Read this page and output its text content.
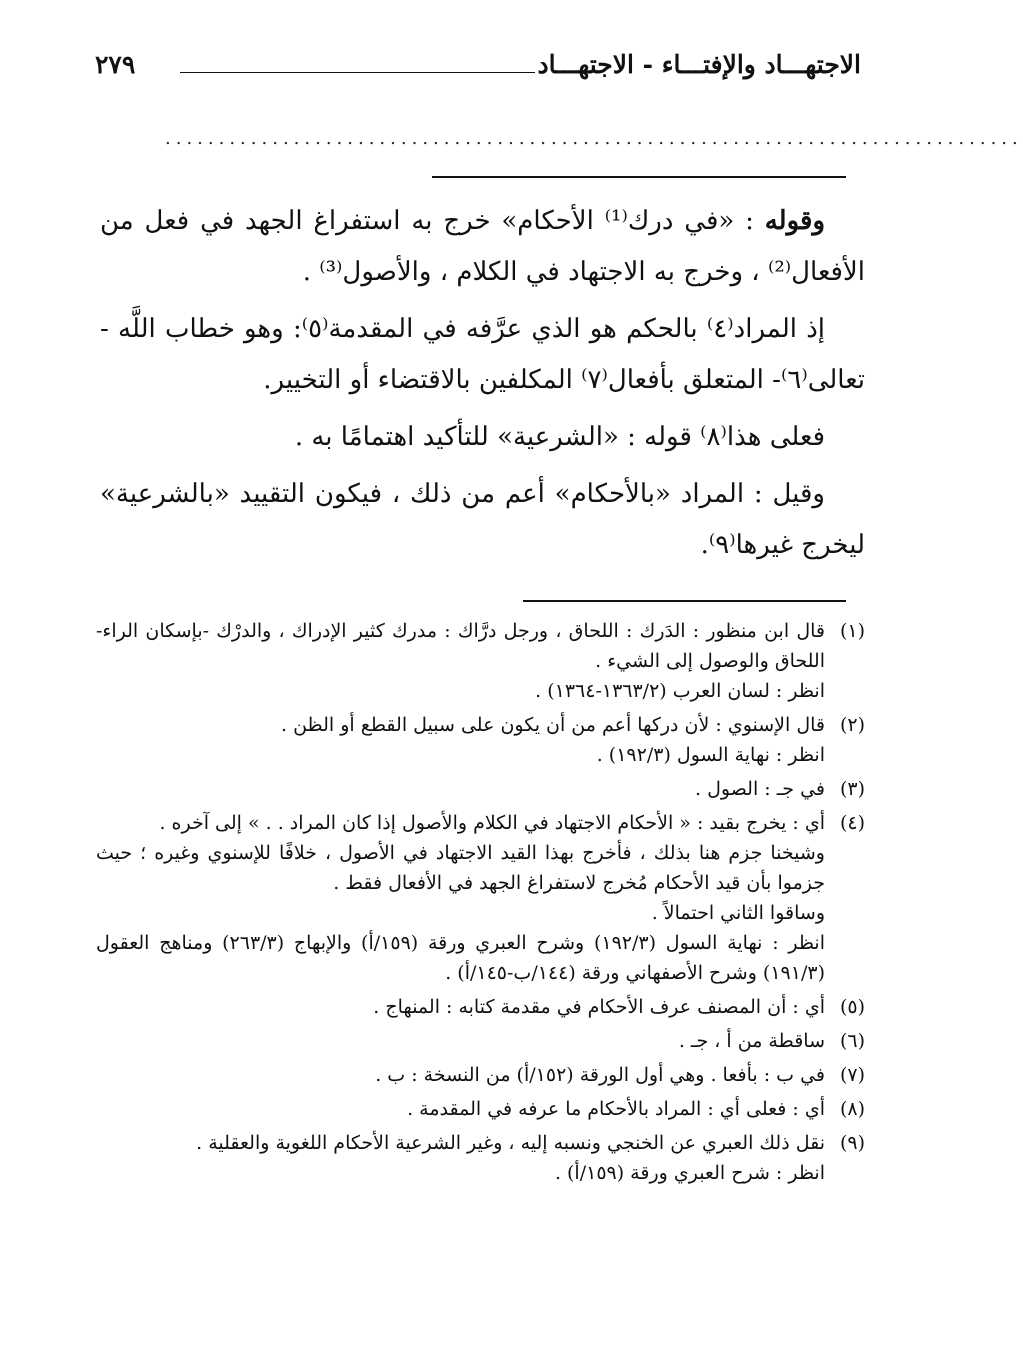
الاجتهـــاد والإفتـــاء - الاجتهـــاد
٢٧٩
................................................................................

وقوله : «في درك⁽¹⁾ الأحكام» خرج به استفراغ الجهد في فعل من الأفعال⁽²⁾ ، وخرج به الاجتهاد في الكلام ، والأصول⁽³⁾ .

إذ المراد⁽٤⁾ بالحكم هو الذي عرَّفه في المقدمة⁽٥⁾: وهو خطاب اللَّه - تعالى⁽٦⁾- المتعلق بأفعال⁽٧⁾ المكلفين بالاقتضاء أو التخيير.

فعلى هذا⁽٨⁾ قوله : «الشرعية» للتأكيد اهتمامًا به .

وقيل : المراد «بالأحكام» أعم من ذلك ، فيكون التقييد «بالشرعية» ليخرج غيرها⁽٩⁾.

(١)
قال ابن منظور : الدَرك : اللحاق ، ورجل درَّاك : مدرك كثير الإدراك ، والدرْك -بإسكان الراء- اللحاق والوصول إلى الشيء .
انظر : لسان العرب (١٣٦٣/٢-١٣٦٤) .
(٢)
قال الإسنوي : لأن دركها أعم من أن يكون على سبيل القطع أو الظن .
انظر : نهاية السول (١٩٢/٣) .
(٣)
في جـ : الصول .
(٤)
أي : يخرج بقيد : « الأحكام الاجتهاد في الكلام والأصول إذا كان المراد . . » إلى آخره .
وشيخنا جزم هنا بذلك ، فأخرج بهذا القيد الاجتهاد في الأصول ، خلافًا للإسنوي وغيره ؛ حيث جزموا بأن قيد الأحكام مُخرج لاستفراغ الجهد في الأفعال فقط .
وساقوا الثاني احتمالاً .
انظر : نهاية السول (١٩٢/٣) وشرح العبري ورقة (١٥٩/أ) والإبهاج (٢٦٣/٣) ومناهج العقول (١٩١/٣) وشرح الأصفهاني ورقة (١٤٤/ب-١٤٥/أ) .
(٥)
أي : أن المصنف عرف الأحكام في مقدمة كتابه : المنهاج .
(٦)
ساقطة من أ ، جـ .
(٧)
في ب : بأفعا . وهي أول الورقة (١٥٢/أ) من النسخة : ب .
(٨)
أي : فعلى أي : المراد بالأحكام ما عرفه في المقدمة .
(٩)
نقل ذلك العبري عن الخنجي ونسبه إليه ، وغير الشرعية الأحكام اللغوية والعقلية .
انظر : شرح العبري ورقة (١٥٩/أ) .
